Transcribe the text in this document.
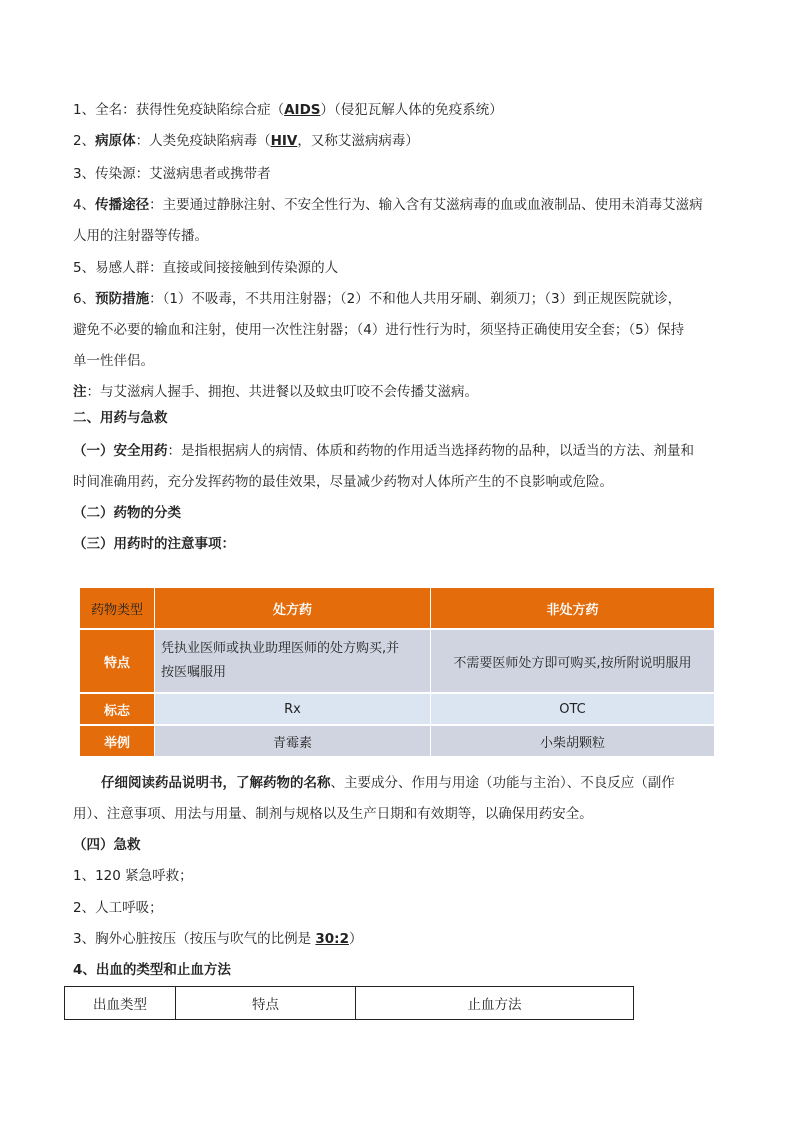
1、全名：获得性免疫缺陷综合症（AIDS）（侵犯瓦解人体的免疫系统）
2、病原体：人类免疫缺陷病毒（HIV，又称艾滋病病毒）
3、传染源：艾滋病患者或携带者
4、传播途径：主要通过静脉注射、不安全性行为、输入含有艾滋病毒的血或血液制品、使用未消毒艾滋病
人用的注射器等传播。
5、易感人群：直接或间接接触到传染源的人
6、预防措施：（1）不吸毒，不共用注射器；（2）不和他人共用牙刷、剃须刀；（3）到正规医院就诊，
避免不必要的输血和注射，使用一次性注射器；（4）进行性行为时，须坚持正确使用安全套；（5）保持
单一性伴侣。
注：与艾滋病人握手、拥抱、共进餐以及蚊虫叮咬不会传播艾滋病。
二、用药与急救
（一）安全用药：是指根据病人的病情、体质和药物的作用适当选择药物的品种，以适当的方法、剂量和
时间准确用药，充分发挥药物的最佳效果，尽量减少药物对人体所产生的不良影响或危险。
（二）药物的分类
（三）用药时的注意事项：
药物类型	处方药	非处方药
特点	凭执业医师或执业助理医师的处方购买,并
按医嘱服用	不需要医师处方即可购买,按所附说明服用
标志	Rx	OTC
举例	青霉素	小柴胡颗粒
仔细阅读药品说明书，了解药物的名称、主要成分、作用与用途（功能与主治）、不良反应（副作
用）、注意事项、用法与用量、制剂与规格以及生产日期和有效期等，以确保用药安全。
（四）急救
1、120 紧急呼救；
2、人工呼吸；
3、胸外心脏按压（按压与吹气的比例是 30:2）
4、出血的类型和止血方法
出血类型	特点	止血方法
